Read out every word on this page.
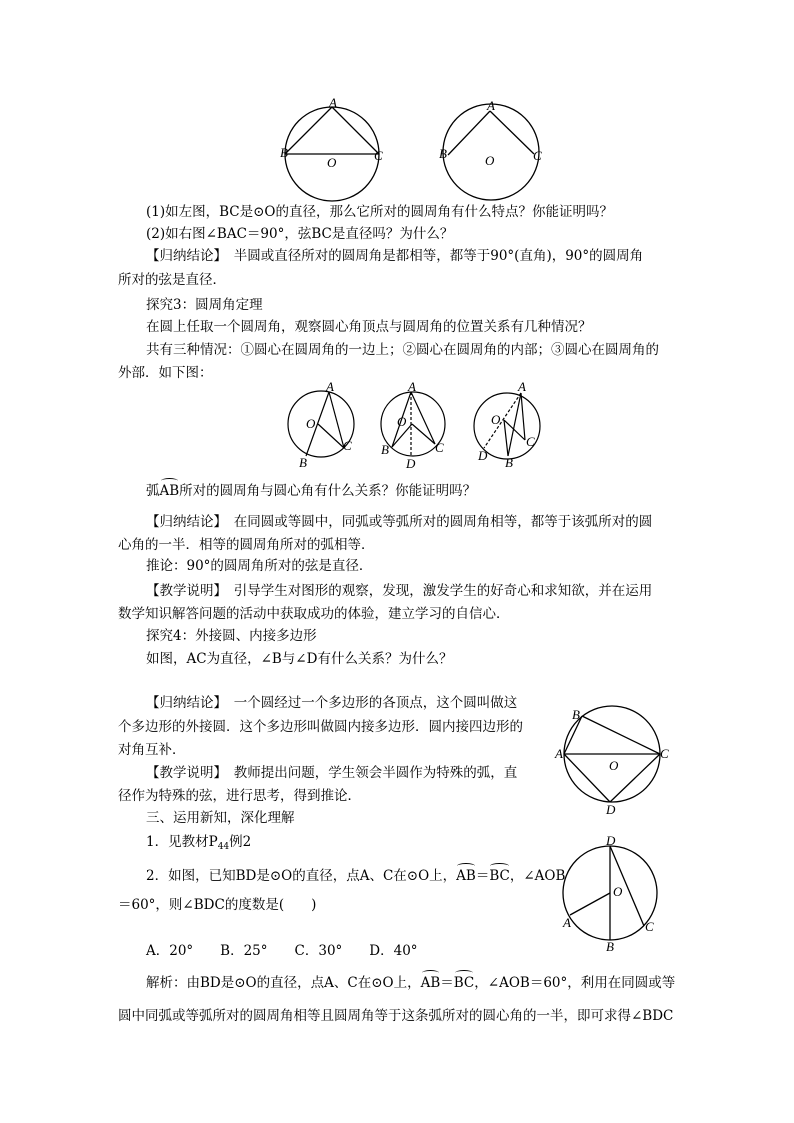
A
B	C
O
A
B	C
O
(1)如左图，BC是⊙O的直径，那么它所对的圆周角有什么特点？你能证明吗？
(2)如右图∠BAC＝90°，弦BC是直径吗？为什么？
【归纳结论】　半圆或直径所对的圆周角是都相等，都等于90°(直角)，90°的圆周角
所对的弦是直径．
探究3：圆周角定理
在圆上任取一个圆周角，观察圆心角顶点与圆周角的位置关系有几种情况？
共有三种情况：①圆心在圆周角的一边上；②圆心在圆周角的内部；③圆心在圆周角的
外部．如下图：
A
O
C
B
A
O
B
D
C
A
O
C
D B
弧AB所对的圆周角与圆心角有什么关系？你能证明吗？
【归纳结论】　在同圆或等圆中，同弧或等弧所对的圆周角相等，都等于该弧所对的圆
心角的一半．相等的圆周角所对的弧相等．
推论：90°的圆周角所对的弦是直径．
【教学说明】　引导学生对图形的观察，发现，激发学生的好奇心和求知欲，并在运用
数学知识解答问题的活动中获取成功的体验，建立学习的自信心．
探究4：外接圆、内接多边形
如图，AC为直径，∠B与∠D有什么关系？为什么？
【归纳结论】　一个圆经过一个多边形的各顶点，这个圆叫做这
个多边形的外接圆．这个多边形叫做圆内接多边形．圆内接四边形的
对角互补．
B
A	C
O
D
【教学说明】　教师提出问题，学生领会半圆作为特殊的弧，直
径作为特殊的弦，进行思考，得到推论．
三、运用新知，深化理解
1．见教材$P_{44}$例2
2．如图，已知BD是⊙O的直径，点A、C在⊙O上，AB＝BC，∠AOB
＝60°，则∠BDC的度数是(　　)
A．20°　　B．25°　　C．30°　　D．40°
D
O
A	C
B
解析：由BD是⊙O的直径，点A、C在⊙O上，AB＝BC，∠AOB＝60°，利用在同圆或等
圆中同弧或等弧所对的圆周角相等且圆周角等于这条弧所对的圆心角的一半，即可求得∠BDC
